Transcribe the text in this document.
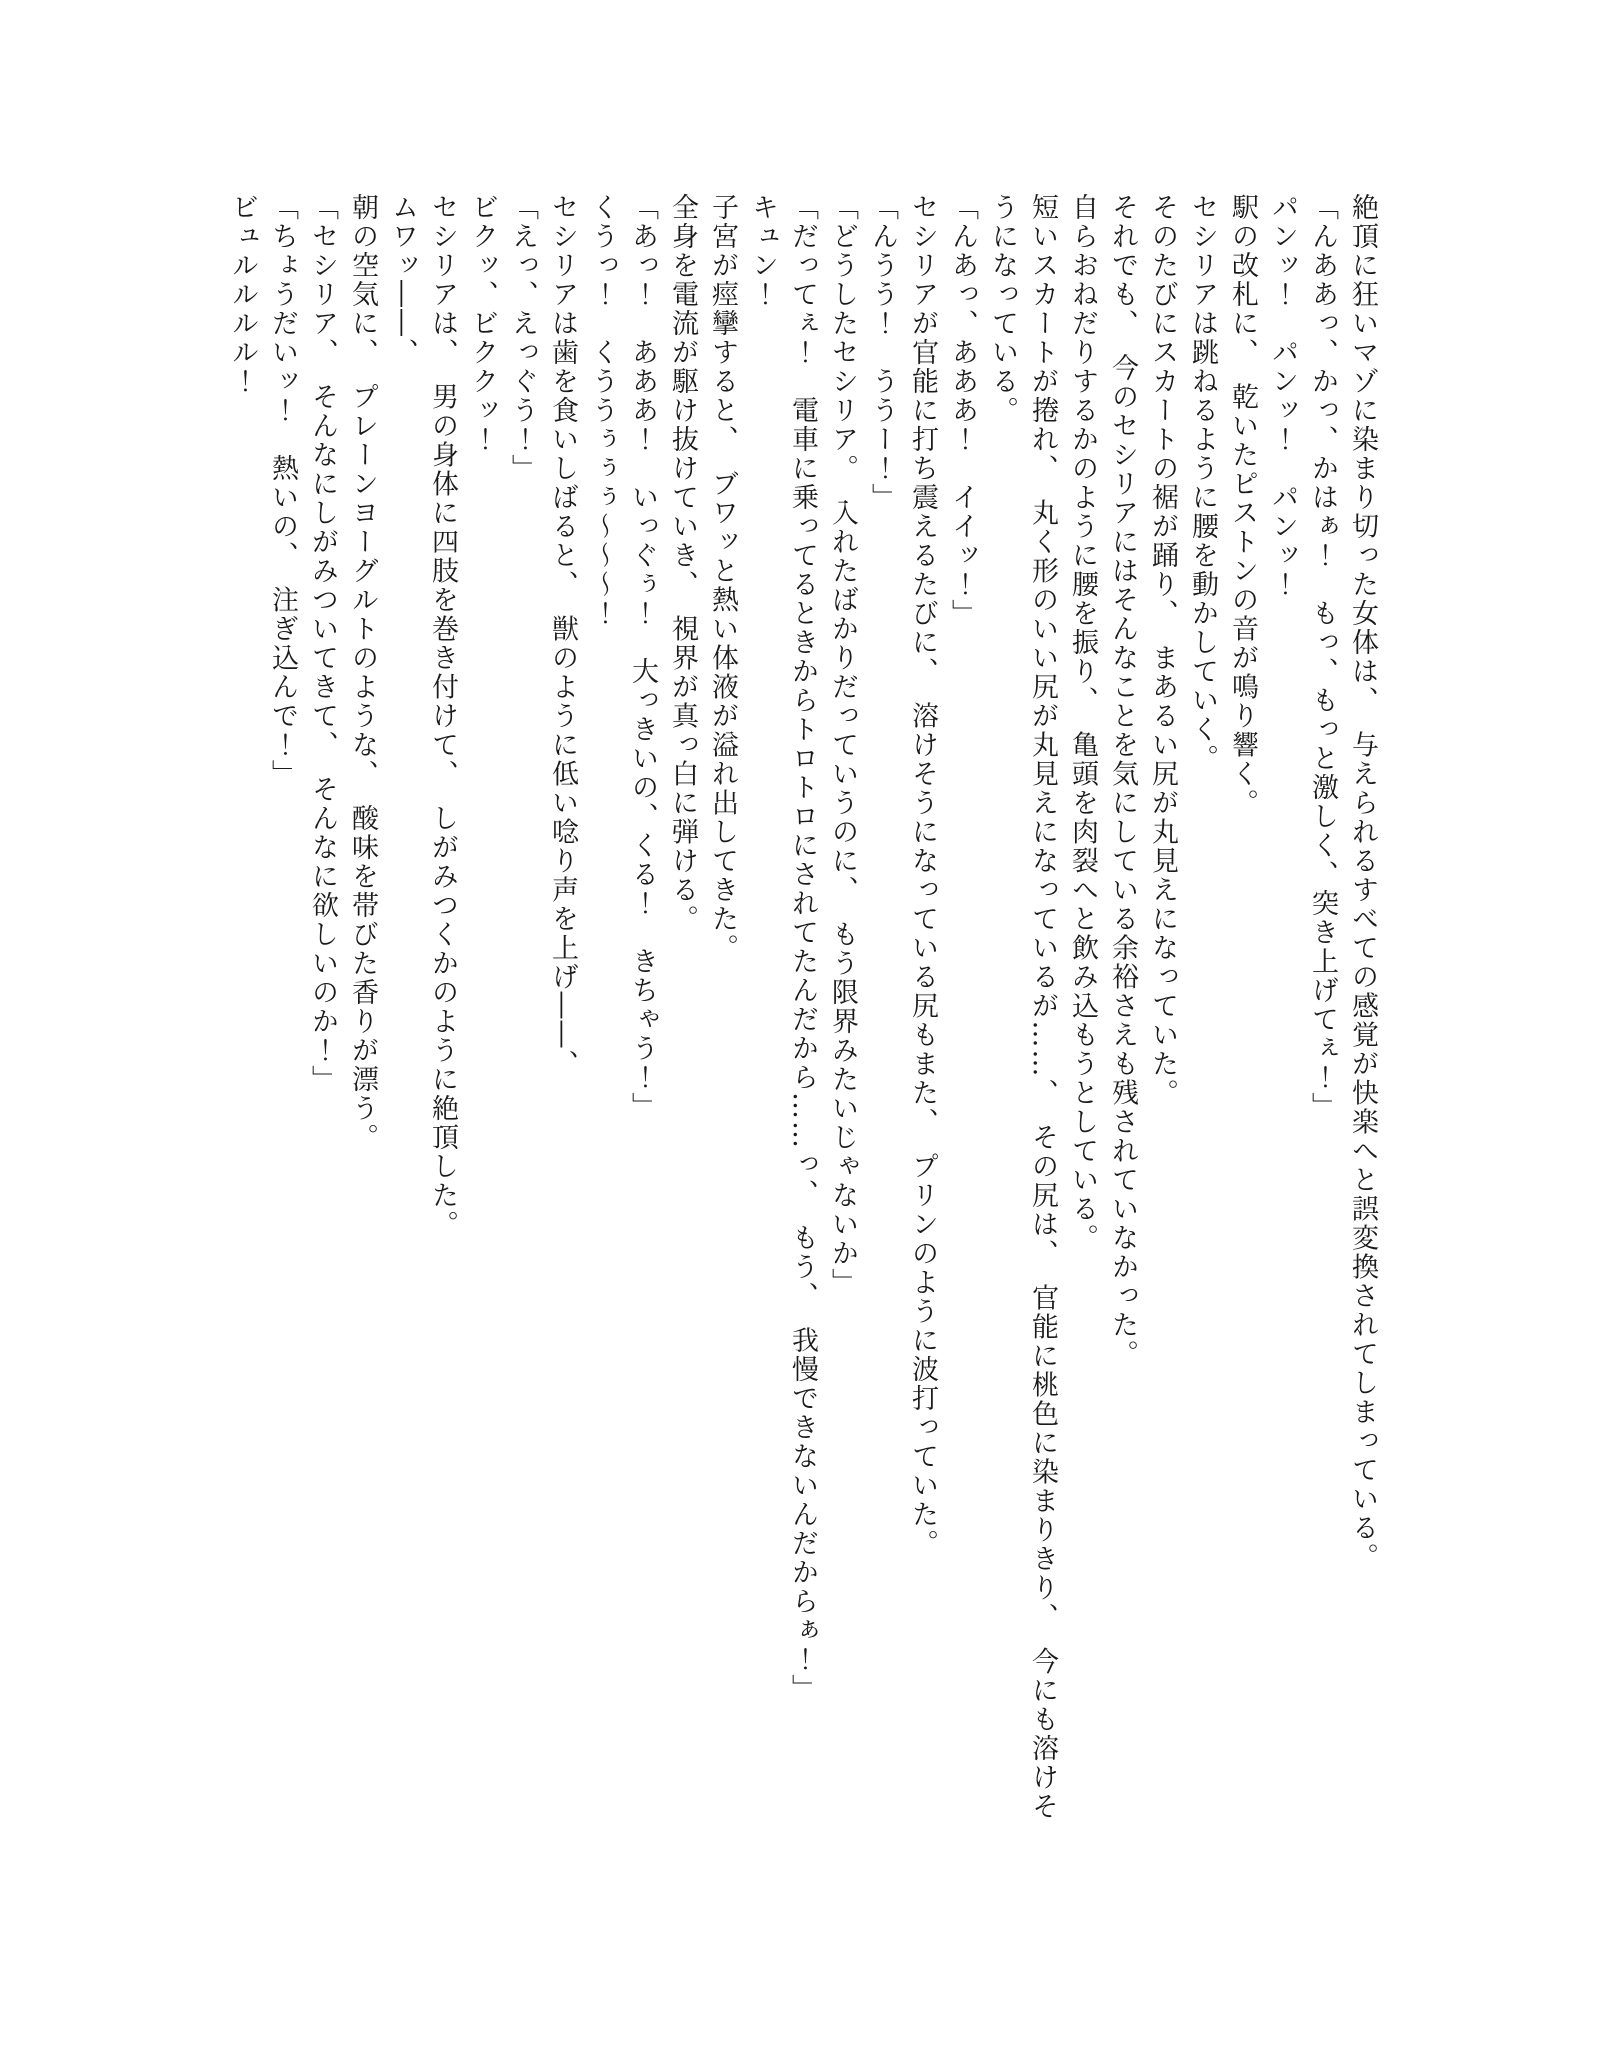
絶頂に狂いマゾに染まり切った女体は、　与えられるすべての感覚が快楽へと誤変換されてしまっている。

「んああっ、かっ、かはぁ！　もっ、もっと激しく、突き上げてぇ！」

パンッ！　パンッ！　パンッ！

駅の改札に、　乾いたピストンの音が鳴り響く。

セシリアは跳ねるように腰を動かしていく。

そのたびにスカートの裾が踊り、　まあるい尻が丸見えになっていた。

それでも、　今のセシリアにはそんなことを気にしている余裕さえも残されていなかった。

自らおねだりするかのように腰を振り、　亀頭を肉裂へと飲み込もうとしている。

短いスカートが捲れ、　丸く形のいい尻が丸見えになっているが……、　その尻は、　官能に桃色に染まりきり、　今にも溶けそ

うになっている。

「んあっ、あああ！　イイッ！」

セシリアが官能に打ち震えるたびに、　溶けそうになっている尻もまた、　プリンのように波打っていた。

「んうう！　ううー！」

「どうしたセシリア。　入れたばかりだっていうのに、　もう限界みたいじゃないか」

「だってぇ！　電車に乗ってるときからトロトロにされてたんだから……っ、　もう、　我慢できないんだからぁ！」

キュン！

子宮が痙攣すると、　ブワッと熱い体液が溢れ出してきた。

全身を電流が駆け抜けていき、　視界が真っ白に弾ける。

「あっ！　あああ！　いっぐぅ！　大っきいの、くる！　きちゃう！」

くうっ！　くううぅぅぅ～～～！

セシリアは歯を食いしばると、　獣のように低い唸り声を上げ――、

「えっ、えっぐう！」

ビクッ、ビククッ！

セシリアは、　男の身体に四肢を巻き付けて、　しがみつくかのように絶頂した。

ムワッ――、

朝の空気に、　プレーンヨーグルトのような、　酸味を帯びた香りが漂う。

「セシリア、　そんなにしがみついてきて、　そんなに欲しいのか！」

「ちょうだいッ！　熱いの、　注ぎ込んで！」

ビュルルルル！
